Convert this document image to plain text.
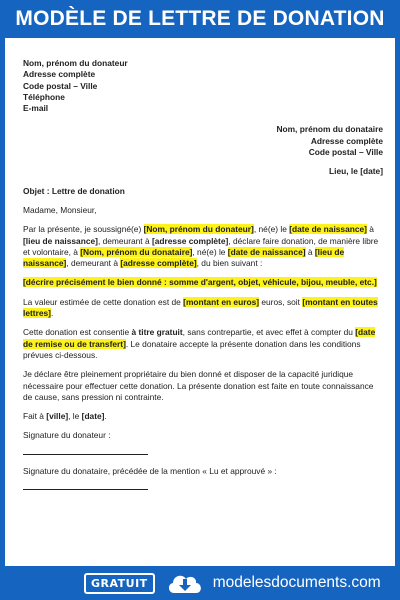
MODÈLE DE LETTRE DE DONATION
Nom, prénom du donateur
Adresse complète
Code postal – Ville
Téléphone
E-mail
Nom, prénom du donataire
Adresse complète
Code postal – Ville
Lieu, le [date]
Objet : Lettre de donation
Madame, Monsieur,
Par la présente, je soussigné(e) [Nom, prénom du donateur], né(e) le [date de naissance] à [lieu de naissance], demeurant à [adresse complète], déclare faire donation, de manière libre et volontaire, à [Nom, prénom du donataire], né(e) le [date de naissance] à [lieu de naissance], demeurant à [adresse complète], du bien suivant :
[décrire précisément le bien donné : somme d'argent, objet, véhicule, bijou, meuble, etc.]
La valeur estimée de cette donation est de [montant en euros] euros, soit [montant en toutes lettres].
Cette donation est consentie à titre gratuit, sans contrepartie, et avec effet à compter du [date de remise ou de transfert]. Le donataire accepte la présente donation dans les conditions prévues ci-dessous.
Je déclare être pleinement propriétaire du bien donné et disposer de la capacité juridique nécessaire pour effectuer cette donation. La présente donation est faite en toute connaissance de cause, sans pression ni contrainte.
Fait à [ville], le [date].
Signature du donateur :
Signature du donataire, précédée de la mention « Lu et approuvé » :
GRATUIT	modelesdocuments.com
